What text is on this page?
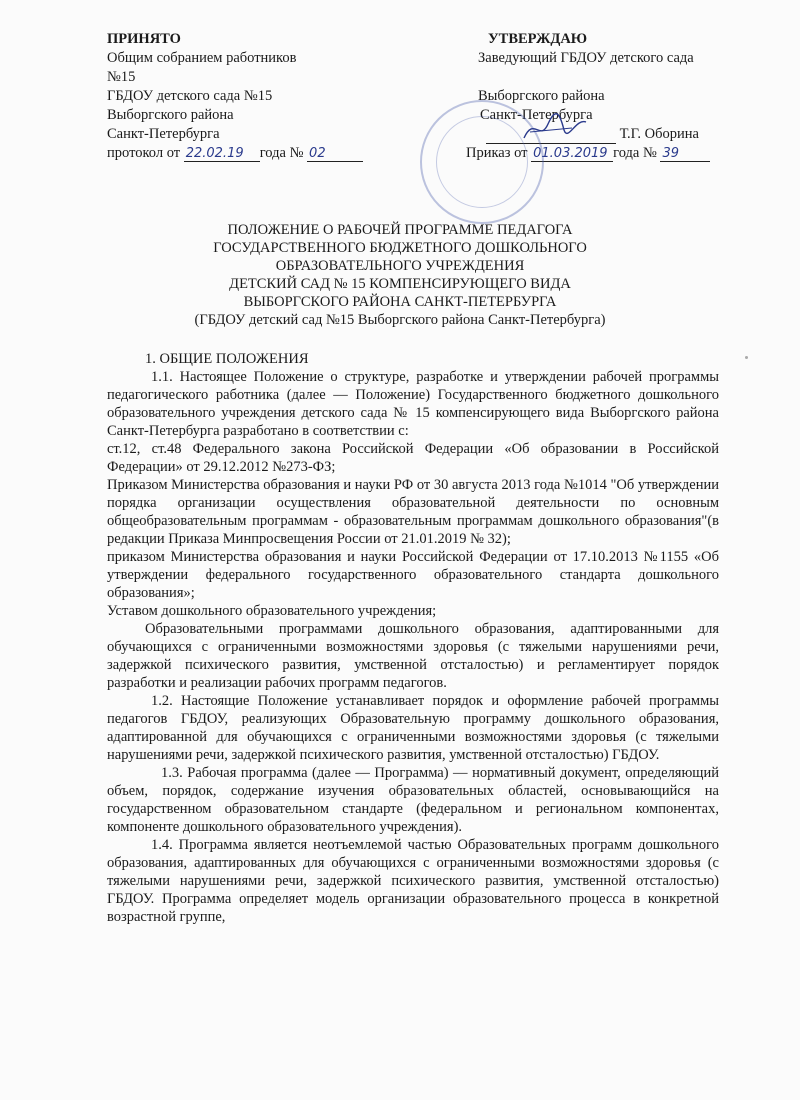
ПРИНЯТО
Общим собранием работников
№15
ГБДОУ детского сада №15
Выборгского района
Санкт-Петербурга
протокол от 22.02.19 года № 02
УТВЕРЖДАЮ
Заведующий ГБДОУ детского сада
Выборгского района
Санкт-Петербурга
Т.Г. Оборина
Приказ от 01.03.2019 года № 39
ПОЛОЖЕНИЕ О РАБОЧЕЙ ПРОГРАММЕ ПЕДАГОГА
ГОСУДАРСТВЕННОГО БЮДЖЕТНОГО ДОШКОЛЬНОГО
ОБРАЗОВАТЕЛЬНОГО УЧРЕЖДЕНИЯ
ДЕТСКИЙ САД № 15 КОМПЕНСИРУЮЩЕГО ВИДА
ВЫБОРГСКОГО РАЙОНА САНКТ-ПЕТЕРБУРГА
(ГБДОУ детский сад №15 Выборгского района Санкт-Петербурга)

1. ОБЩИЕ ПОЛОЖЕНИЯ

1.1. Настоящее Положение о структуре, разработке и утверждении рабочей программы педагогического работника (далее — Положение) Государственного бюджетного дошкольного образовательного учреждения детского сада № 15 компенсирующего вида Выборгского района Санкт-Петербурга разработано в соответствии с:

ст.12, ст.48 Федерального закона Российской Федерации «Об образовании в Российской Федерации» от 29.12.2012 №273-ФЗ;

Приказом Министерства образования и науки РФ от 30 августа 2013 года №1014 "Об утверждении порядка организации осуществления образовательной деятельности по основным общеобразовательным программам - образовательным программам дошкольного образования"(в редакции Приказа Минпросвещения России от 21.01.2019 № 32);

приказом Министерства образования и науки Российской Федерации от 17.10.2013 №1155 «Об утверждении федерального государственного образовательного стандарта дошкольного образования»;

Уставом дошкольного образовательного учреждения;

Образовательными программами дошкольного образования, адаптированными для обучающихся с ограниченными возможностями здоровья (с тяжелыми нарушениями речи, задержкой психического развития, умственной отсталостью) и регламентирует порядок разработки и реализации рабочих программ педагогов.

1.2. Настоящие Положение устанавливает порядок и оформление рабочей программы педагогов ГБДОУ, реализующих Образовательную программу дошкольного образования, адаптированной для обучающихся с ограниченными возможностями здоровья (с тяжелыми нарушениями речи, задержкой психического развития, умственной отсталостью) ГБДОУ.

1.3. Рабочая программа (далее — Программа) — нормативный документ, определяющий объем, порядок, содержание изучения образовательных областей, основывающийся на государственном образовательном стандарте (федеральном и региональном компонентах, компоненте дошкольного образовательного учреждения).

1.4. Программа является неотъемлемой частью Образовательных программ дошкольного образования, адаптированных для обучающихся с ограниченными возможностями здоровья (с тяжелыми нарушениями речи, задержкой психического развития, умственной отсталостью) ГБДОУ. Программа определяет модель организации образовательного процесса в конкретной возрастной группе,
